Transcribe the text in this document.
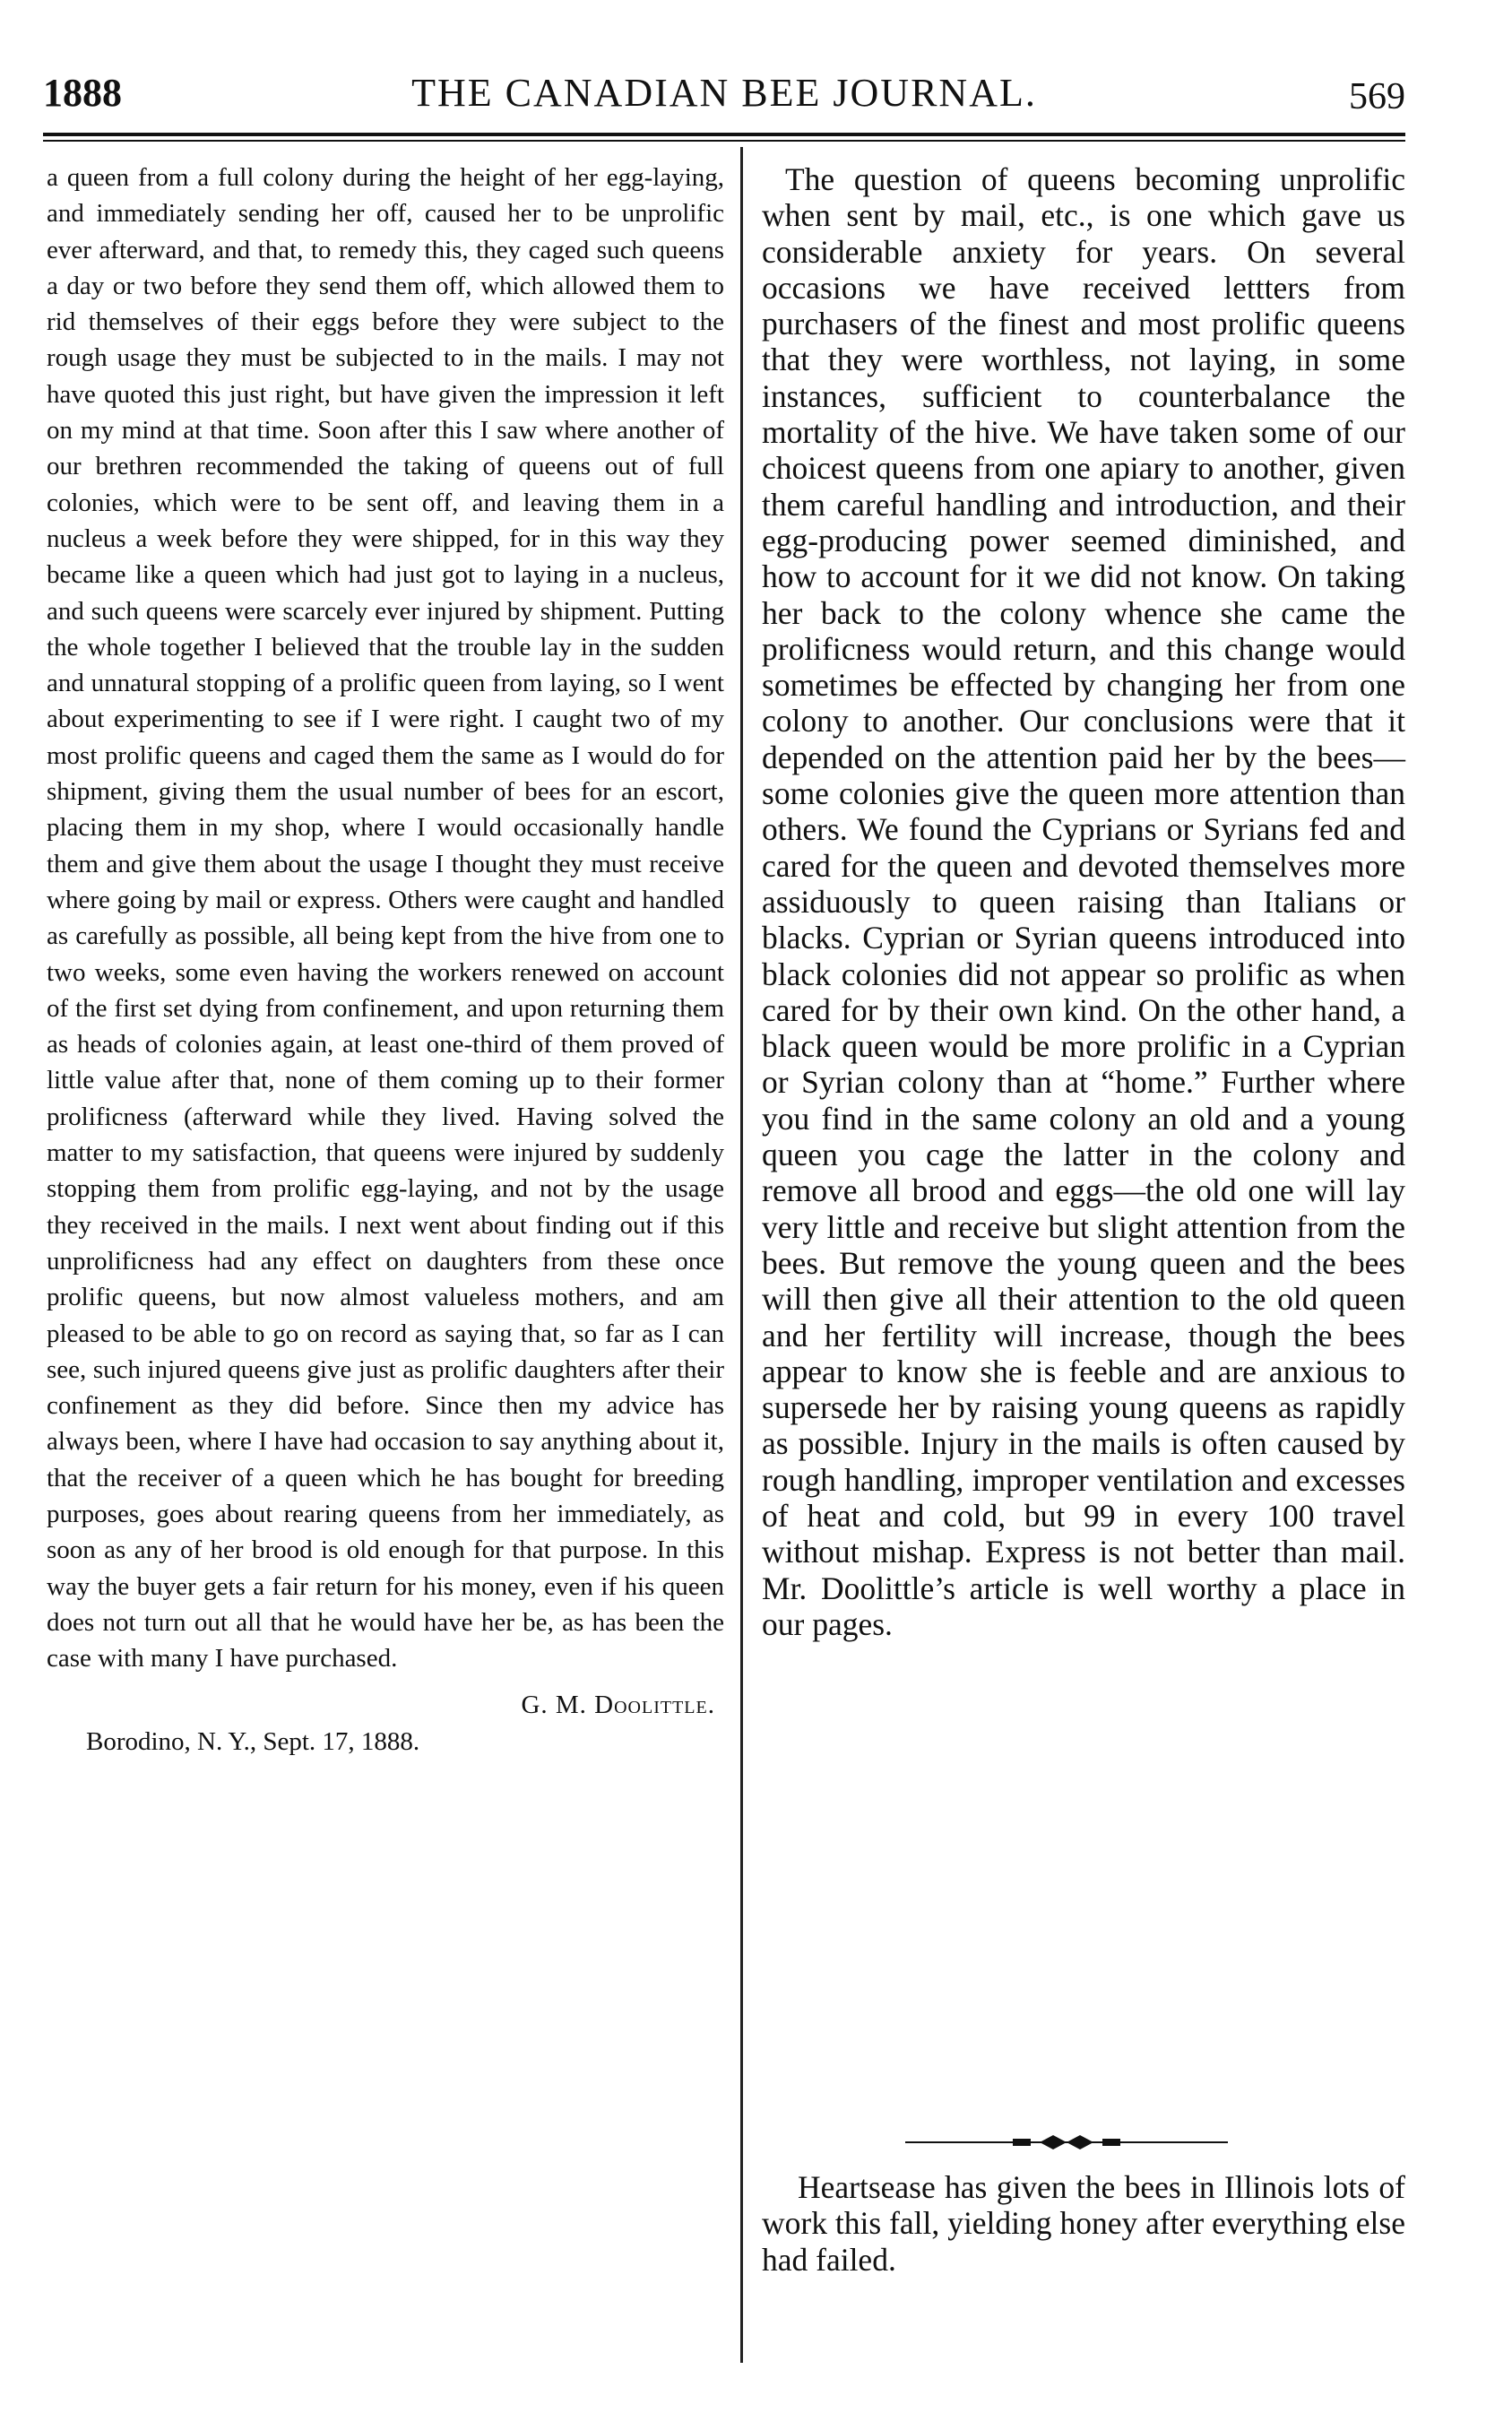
1888	THE CANADIAN BEE JOURNAL.	569

a queen from a full colony during the height of her egg-laying, and immediately sending her off, caused her to be unprolific ever afterward, and that, to remedy this, they caged such queens a day or two before they send them off, which allowed them to rid themselves of their eggs before they were subject to the rough usage they must be subjected to in the mails. I may not have quoted this just right, but have given the impression it left on my mind at that time. Soon after this I saw where another of our brethren recommended the taking of queens out of full colonies, which were to be sent off, and leaving them in a nucleus a week before they were shipped, for in this way they became like a queen which had just got to laying in a nucleus, and such queens were scarcely ever injured by shipment. Putting the whole together I believed that the trouble lay in the sudden and unnatural stopping of a prolific queen from laying, so I went about experimenting to see if I were right. I caught two of my most prolific queens and caged them the same as I would do for shipment, giving them the usual number of bees for an escort, placing them in my shop, where I would occasionally handle them and give them about the usage I thought they must receive where going by mail or express. Others were caught and handled as carefully as possible, all being kept from the hive from one to two weeks, some even having the workers renewed on account of the first set dying from confinement, and upon returning them as heads of colonies again, at least one-third of them proved of little value after that, none of them coming up to their former prolificness (afterward while they lived. Having solved the matter to my satisfaction, that queens were injured by suddenly stopping them from prolific egg-laying, and not by the usage they received in the mails. I next went about finding out if this unprolificness had any effect on daughters from these once prolific queens, but now almost valueless mothers, and am pleased to be able to go on record as saying that, so far as I can see, such injured queens give just as prolific daughters after their confinement as they did before. Since then my advice has always been, where I have had occasion to say anything about it, that the receiver of a queen which he has bought for breeding purposes, goes about rearing queens from her immediately, as soon as any of her brood is old enough for that purpose. In this way the buyer gets a fair return for his money, even if his queen does not turn out all that he would have her be, as has been the case with many I have purchased.

G. M. Doolittle.
Borodino, N. Y., Sept. 17, 1888.

The question of queens becoming unprolific when sent by mail, etc., is one which gave us considerable anxiety for years. On several occasions we have received lettters from purchasers of the finest and most prolific queens that they were worthless, not laying, in some instances, sufficient to counterbalance the mortality of the hive. We have taken some of our choicest queens from one apiary to another, given them careful handling and introduction, and their egg-producing power seemed diminished, and how to account for it we did not know. On taking her back to the colony whence she came the prolificness would return, and this change would sometimes be effected by changing her from one colony to another. Our conclusions were that it depended on the attention paid her by the bees—some colonies give the queen more attention than others. We found the Cyprians or Syrians fed and cared for the queen and devoted themselves more assiduously to queen raising than Italians or blacks. Cyprian or Syrian queens introduced into black colonies did not appear so prolific as when cared for by their own kind. On the other hand, a black queen would be more prolific in a Cyprian or Syrian colony than at “home.” Further where you find in the same colony an old and a young queen you cage the latter in the colony and remove all brood and eggs—the old one will lay very little and receive but slight attention from the bees. But remove the young queen and the bees will then give all their attention to the old queen and her fertility will increase, though the bees appear to know she is feeble and are anxious to supersede her by raising young queens as rapidly as possible. Injury in the mails is often caused by rough handling, improper ventilation and excesses of heat and cold, but 99 in every 100 travel without mishap. Express is not better than mail. Mr. Doolittle’s article is well worthy a place in our pages.

Heartsease has given the bees in Illinois lots of work this fall, yielding honey after everything else had failed.
